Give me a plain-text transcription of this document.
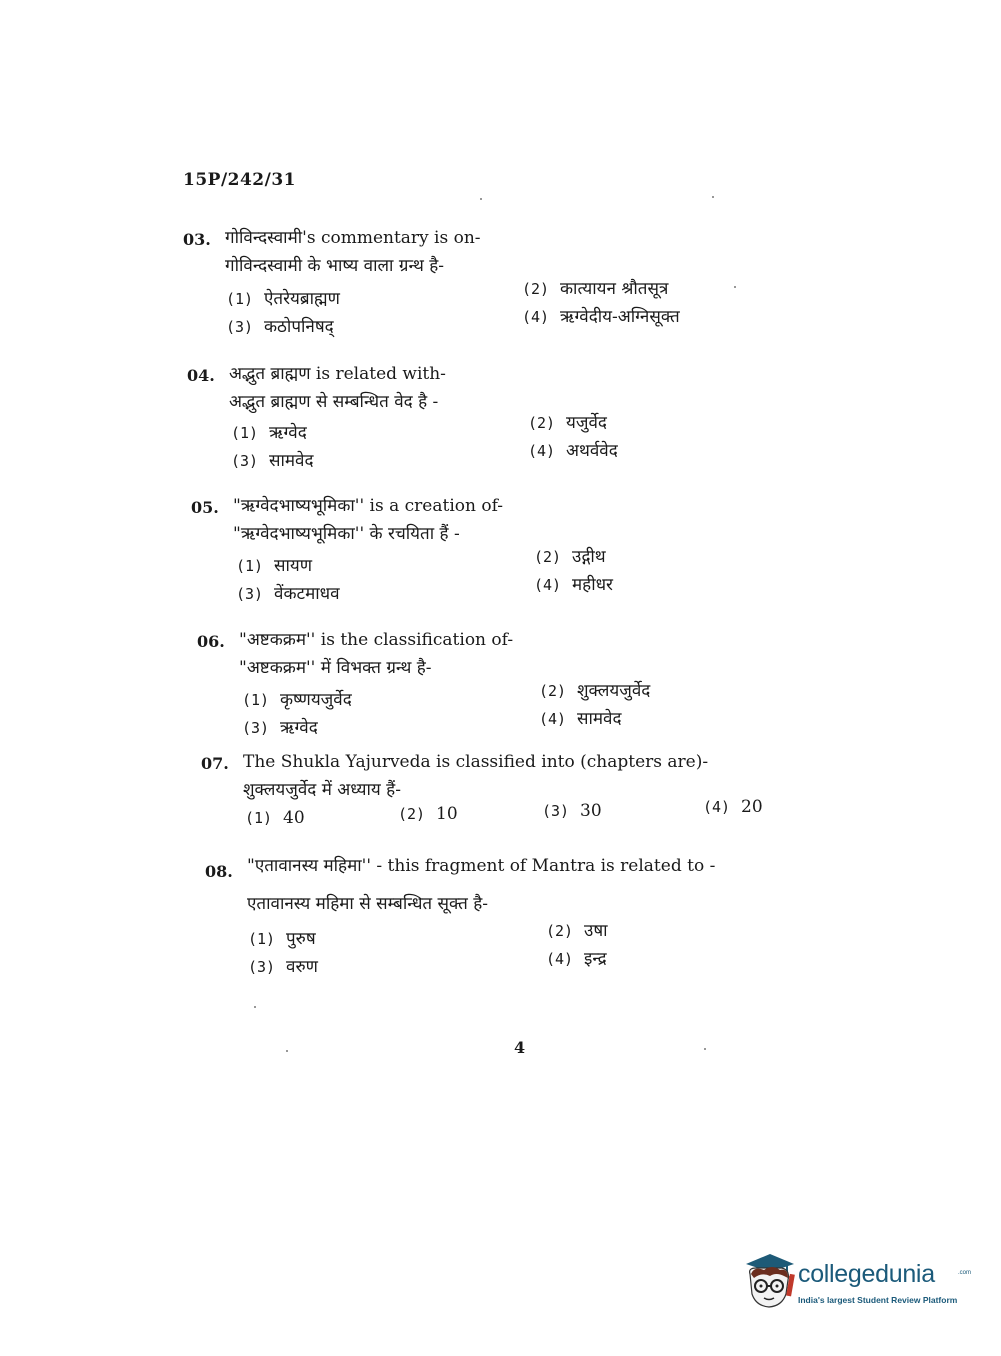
15P/242/31
03. गोविन्दस्वामी's commentary is on-
गोविन्दस्वामी के भाष्य वाला ग्रन्थ है-
(1) ऐतरेयब्राह्मण	(2) कात्यायन श्रौतसूत्र
(3) कठोपनिषद्	(4) ऋग्वेदीय-अग्निसूक्त
04. अद्भुत ब्राह्मण is related with-
अद्भुत ब्राह्मण से सम्बन्धित वेद है -
(1) ऋग्वेद	(2) यजुर्वेद
(3) सामवेद	(4) अथर्ववेद
05. "ऋग्वेदभाष्यभूमिका'' is a creation of-
"ऋग्वेदभाष्यभूमिका'' के रचयिता हैं -
(1) सायण	(2) उद्गीथ
(3) वेंकटमाधव	(4) महीधर
06. "अष्टकक्रम'' is the classification of-
"अष्टकक्रम'' में विभक्त ग्रन्थ है-
(1) कृष्णयजुर्वेद	(2) शुक्लयजुर्वेद
(3) ऋग्वेद	(4) सामवेद
07. The Shukla Yajurveda is classified into (chapters are)-
शुक्लयजुर्वेद में अध्याय हैं-
(1) 40	(2) 10	(3) 30	(4) 20
08. "एतावानस्य महिमा'' - this fragment of Mantra is related to -
एतावानस्य महिमा से सम्बन्धित सूक्त है-
(1) पुरुष	(2) उषा
(3) वरुण	(4) इन्द्र
4
collegedunia	.com
India's largest Student Review Platform
